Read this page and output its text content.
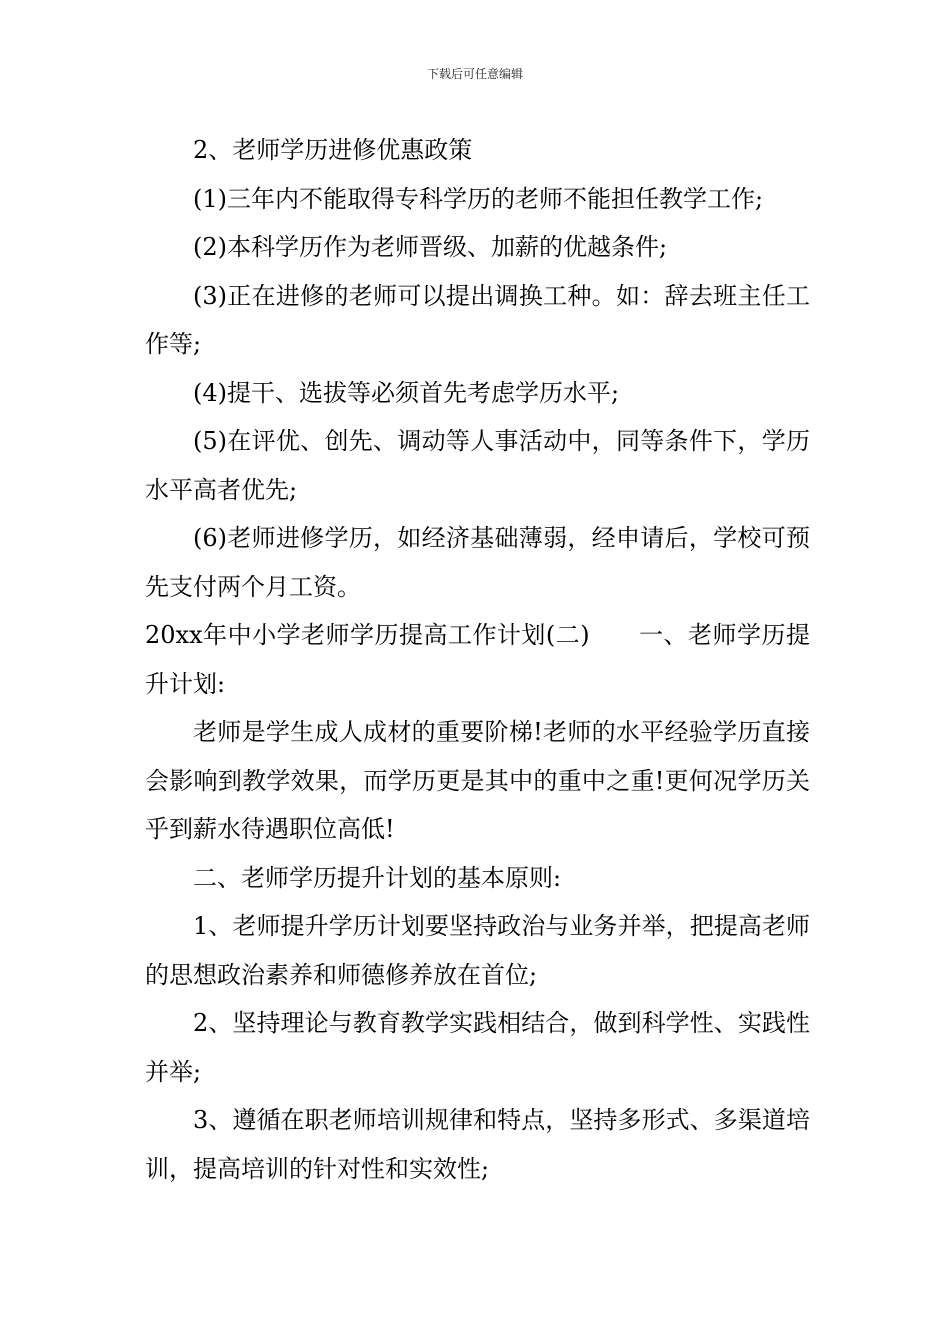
下载后可任意编辑

2、老师学历进修优惠政策

(1)三年内不能取得专科学历的老师不能担任教学工作;

(2)本科学历作为老师晋级、加薪的优越条件;

(3)正在进修的老师可以提出调换工种。如：辞去班主任工作等;

(4)提干、选拔等必须首先考虑学历水平;

(5)在评优、创先、调动等人事活动中，同等条件下，学历水平高者优先;

(6)老师进修学历，如经济基础薄弱，经申请后，学校可预先支付两个月工资。

20xx年中小学老师学历提高工作计划(二)　　一、老师学历提升计划:

老师是学生成人成材的重要阶梯!老师的水平经验学历直接会影响到教学效果，而学历更是其中的重中之重!更何况学历关乎到薪水待遇职位高低!

二、老师学历提升计划的基本原则:

1、老师提升学历计划要坚持政治与业务并举，把提高老师的思想政治素养和师德修养放在首位;

2、坚持理论与教育教学实践相结合，做到科学性、实践性并举;

3、遵循在职老师培训规律和特点，坚持多形式、多渠道培训，提高培训的针对性和实效性;
